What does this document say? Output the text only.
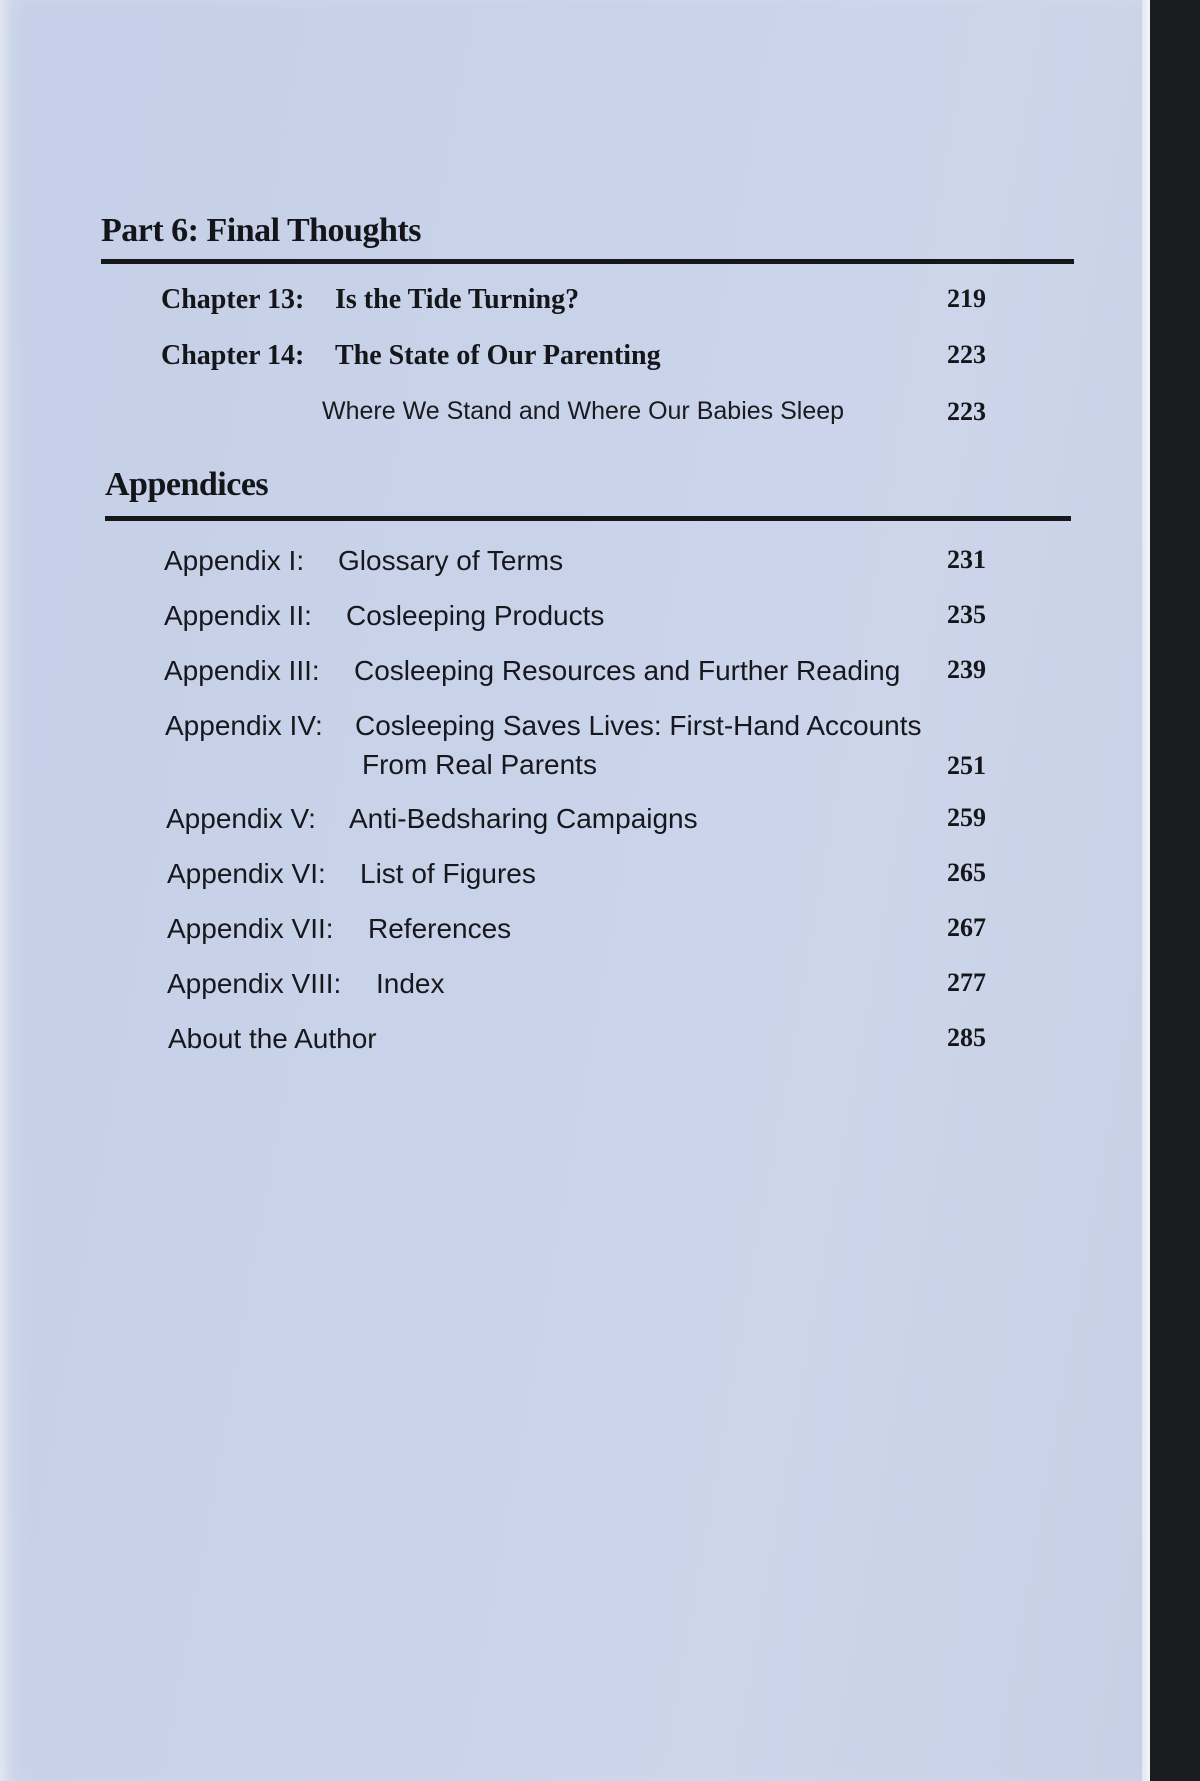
Part 6: Final Thoughts
Chapter 13: Is the Tide Turning?	219
Chapter 14: The State of Our Parenting	223
Where We Stand and Where Our Babies Sleep	223
Appendices
Appendix I: Glossary of Terms	231
Appendix II: Cosleeping Products	235
Appendix III: Cosleeping Resources and Further Reading 239
Appendix IV: Cosleeping Saves Lives: First-Hand Accounts
From Real Parents	251
Appendix V: Anti-Bedsharing Campaigns	259
Appendix VI: List of Figures	265
Appendix VII: References	267
Appendix VIII: Index	277
About the Author	285
